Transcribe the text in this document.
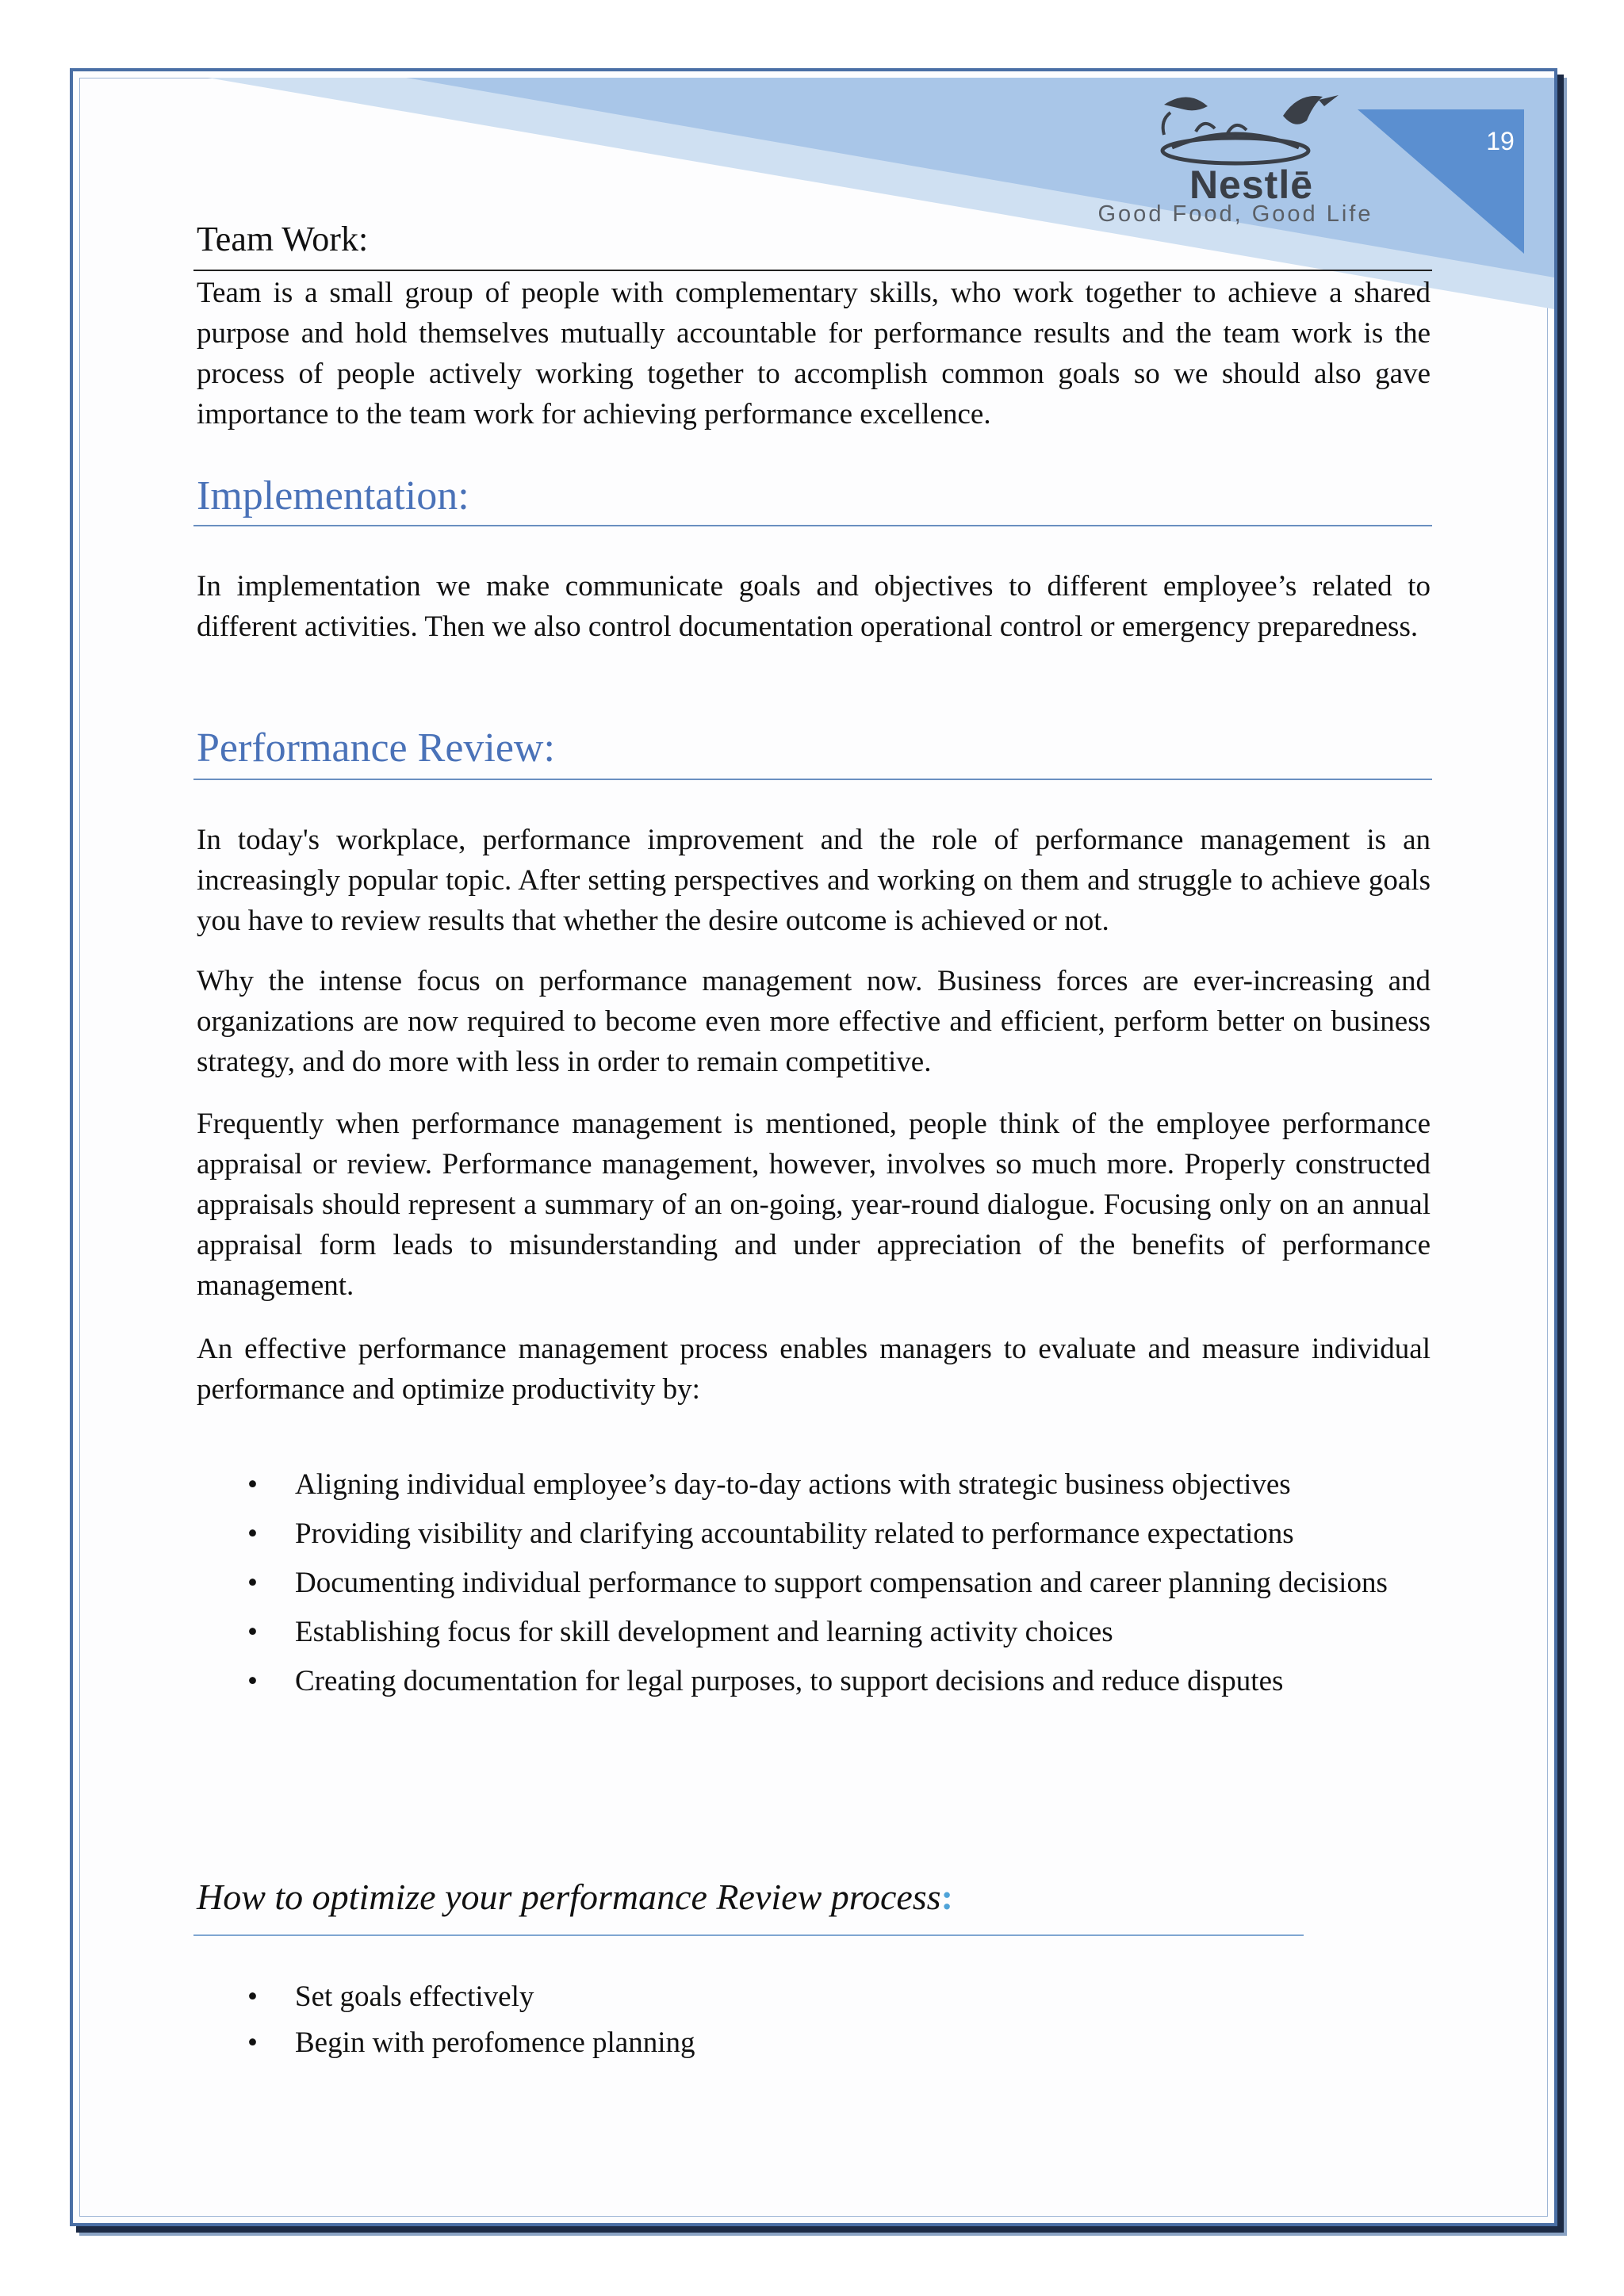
19
Nestlē
Good Food, Good Life
Team Work:

Team is a small group of people with complementary skills, who work together to achieve a shared purpose and hold themselves mutually accountable for performance results and the team work is the process of people actively working together to accomplish common goals so we should also gave importance to the team work for achieving performance excellence.

Implementation:

In implementation we make communicate goals and objectives to different employee’s related to different activities. Then we also control documentation operational control or emergency preparedness.

Performance Review:

In today's workplace, performance improvement and the role of performance management is an increasingly popular topic. After setting perspectives and working on them and struggle to achieve goals you have to review results that whether the desire outcome is achieved or not.

Why the intense focus on performance management now. Business forces are ever-increasing and organizations are now required to become even more effective and efficient, perform better on business strategy, and do more with less in order to remain competitive.

Frequently when performance management is mentioned, people think of the employee performance appraisal or review. Performance management, however, involves so much more. Properly constructed appraisals should represent a summary of an on-going, year-round dialogue. Focusing only on an annual appraisal form leads to misunderstanding and under appreciation of the benefits of performance management.

An effective performance management process enables managers to evaluate and measure individual performance and optimize productivity by:

• Aligning individual employee’s day-to-day actions with strategic business objectives
• Providing visibility and clarifying accountability related to performance expectations
• Documenting individual performance to support compensation and career planning decisions
• Establishing focus for skill development and learning activity choices
• Creating documentation for legal purposes, to support decisions and reduce disputes
How to optimize your performance Review process:
• Set goals effectively
• Begin with perofomence planning
